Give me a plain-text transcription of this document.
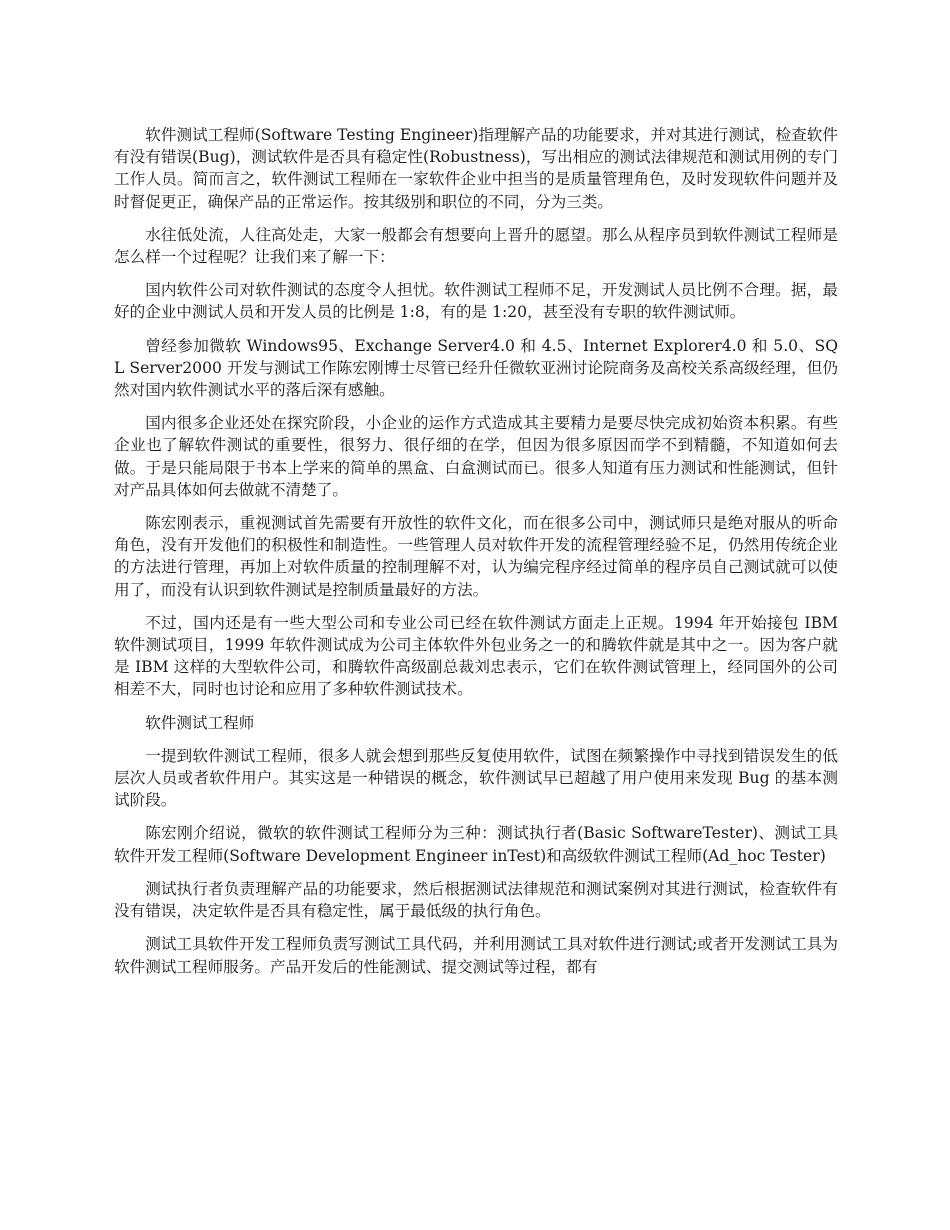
软件测试工程师(Software Testing Engineer)指理解产品的功能要求，并对其进行测试，检查软件有没有错误(Bug)，测试软件是否具有稳定性(Robustness)，写出相应的测试法律规范和测试用例的专门工作人员。简而言之，软件测试工程师在一家软件企业中担当的是质量管理角色，及时发现软件问题并及时督促更正，确保产品的正常运作。按其级别和职位的不同，分为三类。

水往低处流，人往高处走，大家一般都会有想要向上晋升的愿望。那么从程序员到软件测试工程师是怎么样一个过程呢？让我们来了解一下：

国内软件公司对软件测试的态度令人担忧。软件测试工程师不足，开发测试人员比例不合理。据，最好的企业中测试人员和开发人员的比例是 1:8，有的是 1:20，甚至没有专职的软件测试师。

曾经参加微软 Windows95、Exchange Server4.0 和 4.5、Internet Explorer4.0 和 5.0、SQL Server2000 开发与测试工作陈宏刚博士尽管已经升任微软亚洲讨论院商务及高校关系高级经理，但仍然对国内软件测试水平的落后深有感触。

国内很多企业还处在探究阶段，小企业的运作方式造成其主要精力是要尽快完成初始资本积累。有些企业也了解软件测试的重要性，很努力、很仔细的在学，但因为很多原因而学不到精髓，不知道如何去做。于是只能局限于书本上学来的简单的黑盒、白盒测试而已。很多人知道有压力测试和性能测试，但针对产品具体如何去做就不清楚了。

陈宏刚表示，重视测试首先需要有开放性的软件文化，而在很多公司中，测试师只是绝对服从的听命角色，没有开发他们的积极性和制造性。一些管理人员对软件开发的流程管理经验不足，仍然用传统企业的方法进行管理，再加上对软件质量的控制理解不对，认为编完程序经过简单的程序员自己测试就可以使用了，而没有认识到软件测试是控制质量最好的方法。

不过，国内还是有一些大型公司和专业公司已经在软件测试方面走上正规。1994 年开始接包 IBM 软件测试项目，1999 年软件测试成为公司主体软件外包业务之一的和腾软件就是其中之一。因为客户就是 IBM 这样的大型软件公司，和腾软件高级副总裁刘忠表示，它们在软件测试管理上，经同国外的公司相差不大，同时也讨论和应用了多种软件测试技术。

软件测试工程师

一提到软件测试工程师，很多人就会想到那些反复使用软件，试图在频繁操作中寻找到错误发生的低层次人员或者软件用户。其实这是一种错误的概念，软件测试早已超越了用户使用来发现 Bug 的基本测试阶段。

陈宏刚介绍说，微软的软件测试工程师分为三种：测试执行者(Basic SoftwareTester)、测试工具软件开发工程师(Software Development Engineer inTest)和高级软件测试工程师(Ad_hoc Tester)

测试执行者负责理解产品的功能要求，然后根据测试法律规范和测试案例对其进行测试，检查软件有没有错误，决定软件是否具有稳定性，属于最低级的执行角色。

测试工具软件开发工程师负责写测试工具代码，并利用测试工具对软件进行测试;或者开发测试工具为软件测试工程师服务。产品开发后的性能测试、提交测试等过程，都有
